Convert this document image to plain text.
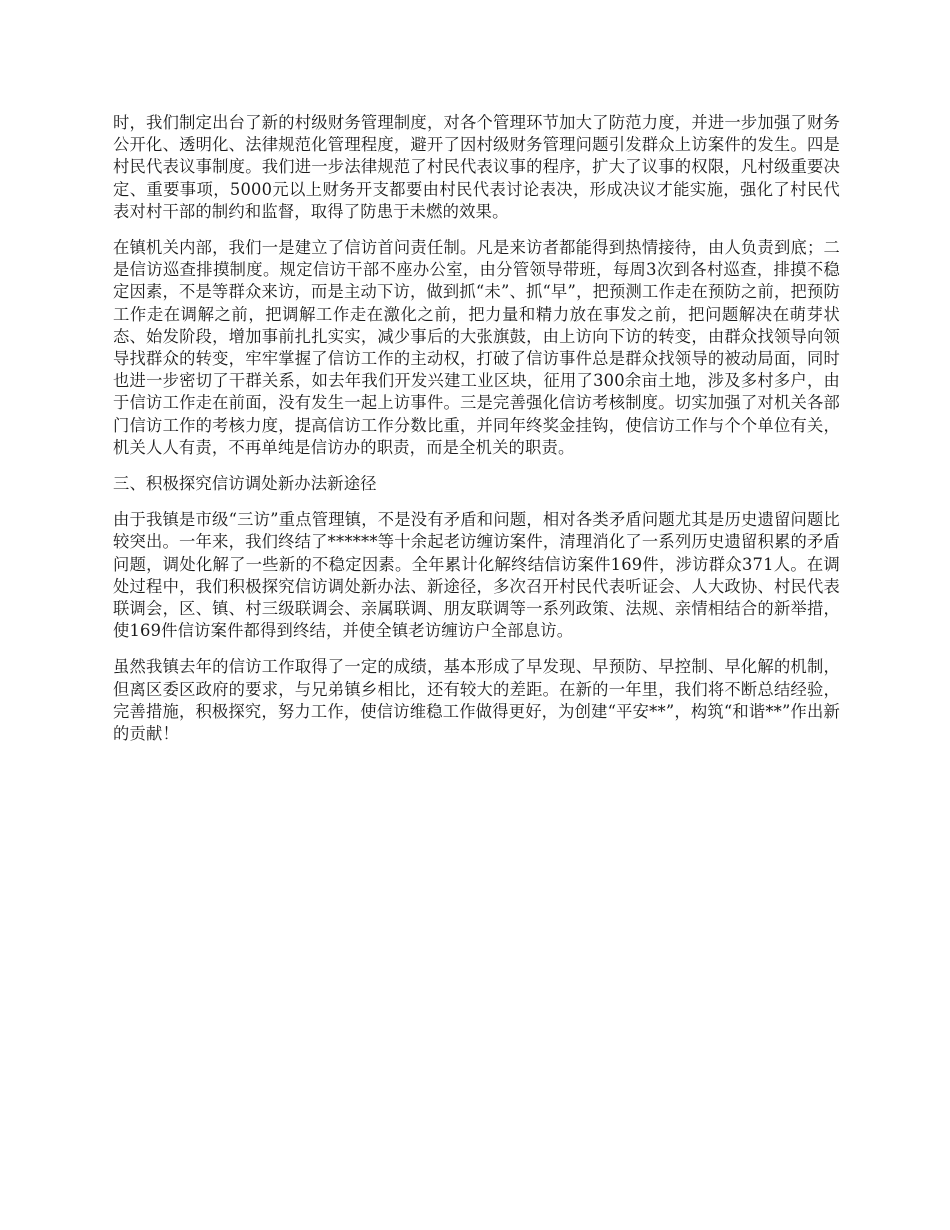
时，我们制定出台了新的村级财务管理制度，对各个管理环节加大了防范力度，并进一步加强了财务公开化、透明化、法律规范化管理程度，避开了因村级财务管理问题引发群众上访案件的发生。四是村民代表议事制度。我们进一步法律规范了村民代表议事的程序，扩大了议事的权限，凡村级重要决定、重要事项，5000元以上财务开支都要由村民代表讨论表决，形成决议才能实施，强化了村民代表对村干部的制约和监督，取得了防患于未燃的效果。

在镇机关内部，我们一是建立了信访首问责任制。凡是来访者都能得到热情接待，由人负责到底；二是信访巡查排摸制度。规定信访干部不座办公室，由分管领导带班，每周3次到各村巡查，排摸不稳定因素，不是等群众来访，而是主动下访，做到抓“未”、抓“早”，把预测工作走在预防之前，把预防工作走在调解之前，把调解工作走在激化之前，把力量和精力放在事发之前，把问题解决在萌芽状态、始发阶段，增加事前扎扎实实，减少事后的大张旗鼓，由上访向下访的转变，由群众找领导向领导找群众的转变，牢牢掌握了信访工作的主动权，打破了信访事件总是群众找领导的被动局面，同时也进一步密切了干群关系，如去年我们开发兴建工业区块，征用了300余亩土地，涉及多村多户，由于信访工作走在前面，没有发生一起上访事件。三是完善强化信访考核制度。切实加强了对机关各部门信访工作的考核力度，提高信访工作分数比重，并同年终奖金挂钩，使信访工作与个个单位有关，机关人人有责，不再单纯是信访办的职责，而是全机关的职责。

三、积极探究信访调处新办法新途径

由于我镇是市级“三访”重点管理镇，不是没有矛盾和问题，相对各类矛盾问题尤其是历史遗留问题比较突出。一年来，我们终结了******等十余起老访缠访案件，清理消化了一系列历史遗留积累的矛盾问题，调处化解了一些新的不稳定因素。全年累计化解终结信访案件169件，涉访群众371人。在调处过程中，我们积极探究信访调处新办法、新途径，多次召开村民代表听证会、人大政协、村民代表联调会，区、镇、村三级联调会、亲属联调、朋友联调等一系列政策、法规、亲情相结合的新举措，使169件信访案件都得到终结，并使全镇老访缠访户全部息访。

虽然我镇去年的信访工作取得了一定的成绩，基本形成了早发现、早预防、早控制、早化解的机制，但离区委区政府的要求，与兄弟镇乡相比，还有较大的差距。在新的一年里，我们将不断总结经验，完善措施，积极探究，努力工作，使信访维稳工作做得更好，为创建“平安**”，构筑“和谐**”作出新的贡献！
